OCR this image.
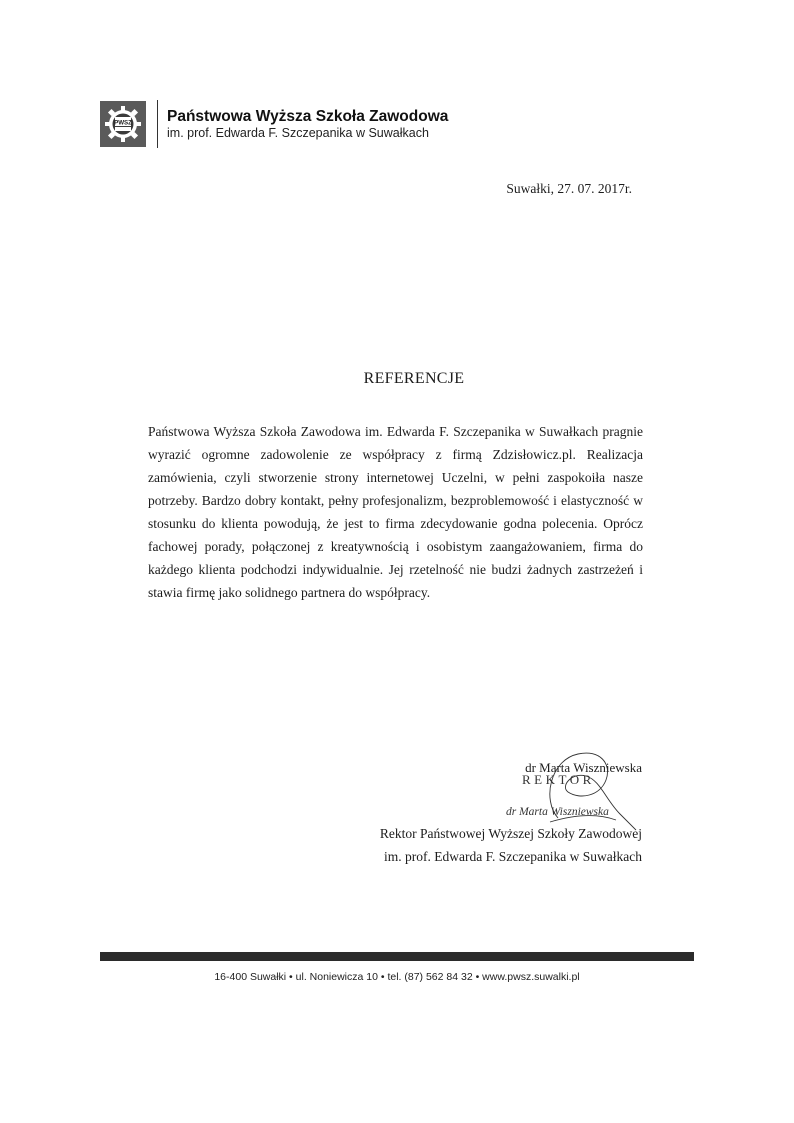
PWSZ Państwowa Wyższa Szkoła Zawodowa
im. prof. Edwarda F. Szczepanika w Suwałkach
Suwałki, 27. 07. 2017r.
REFERENCJE
Państwowa Wyższa Szkoła Zawodowa im. Edwarda F. Szczepanika w Suwałkach pragnie wyrazić ogromne zadowolenie ze współpracy z firmą Zdzisłowicz.pl. Realizacja zamówienia, czyli stworzenie strony internetowej Uczelni, w pełni zaspokoiła nasze potrzeby. Bardzo dobry kontakt, pełny profesjonalizm, bezproblemowość i elastyczność w stosunku do klienta powodują, że jest to firma zdecydowanie godna polecenia. Oprócz fachowej porady, połączonej z kreatywnością i osobistym zaangażowaniem, firma do każdego klienta podchodzi indywidualnie. Jej rzetelność nie budzi żadnych zastrzeżeń i stawia firmę jako solidnego partnera do współpracy.
dr Marta Wiszniewska
REKTOR
dr Marta Wiszniewska
Rektor Państwowej Wyższej Szkoły Zawodowej
im. prof. Edwarda F. Szczepanika w Suwałkach
16-400 Suwałki • ul. Noniewicza 10 • tel. (87) 562 84 32 • www.pwsz.suwalki.pl
